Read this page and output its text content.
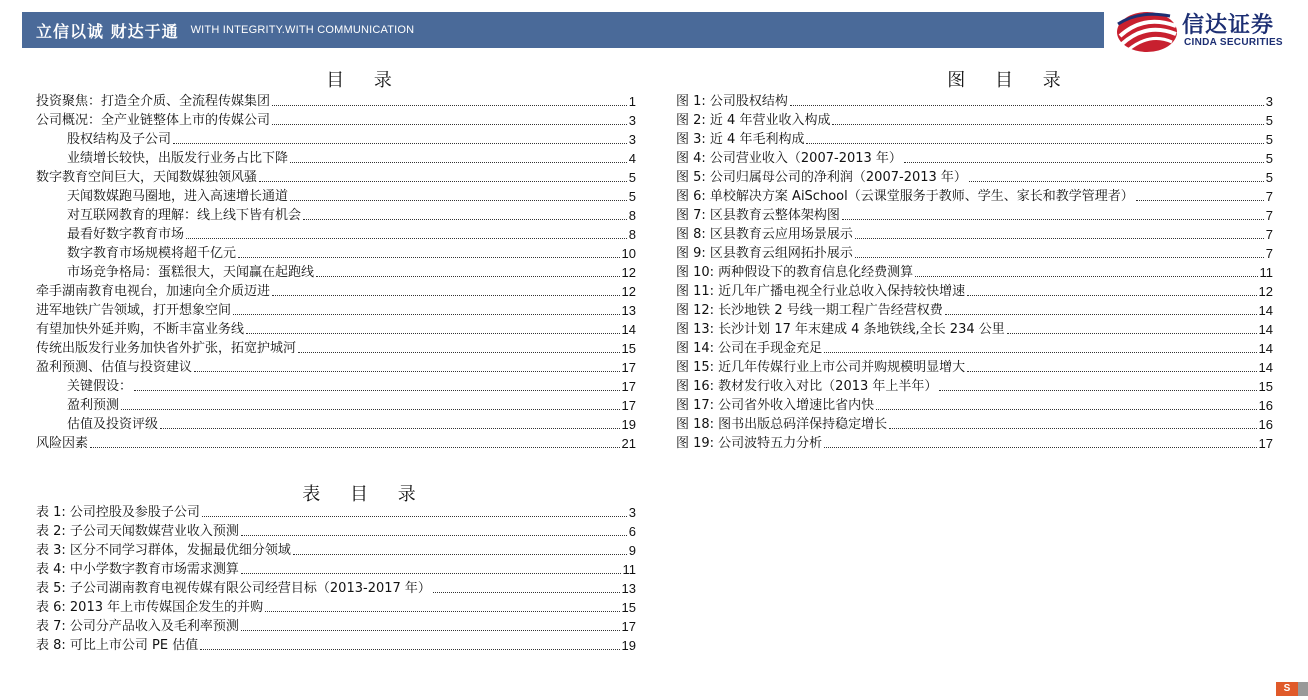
立信以诚 财达于通 WITH INTEGRITY.WITH COMMUNICATION	信达证券
CINDA SECURITIES
目 录
投资聚焦：打造全介质、全流程传媒集团	1
公司概况：全产业链整体上市的传媒公司	3
股权结构及子公司	3
业绩增长较快，出版发行业务占比下降	4
数字教育空间巨大，天闻数媒独领风骚	5
天闻数媒跑马圈地，进入高速增长通道	5
对互联网教育的理解：线上线下皆有机会	8
最看好数字教育市场	8
数字教育市场规模将超千亿元	10
市场竞争格局：蛋糕很大，天闻赢在起跑线	12
牵手湖南教育电视台，加速向全介质迈进	12
进军地铁广告领域，打开想象空间	13
有望加快外延并购，不断丰富业务线	14
传统出版发行业务加快省外扩张，拓宽护城河	15
盈利预测、估值与投资建议	17
关键假设：	17
盈利预测	17
估值及投资评级	19
风险因素	21
图 目 录
图 1: 公司股权结构	3
图 2: 近 4 年营业收入构成	5
图 3: 近 4 年毛利构成	5
图 4: 公司营业收入（2007-2013 年）	5
图 5: 公司归属母公司的净利润（2007-2013 年）	5
图 6: 单校解决方案 AiSchool（云课堂服务于教师、学生、家长和教学管理者）	7
图 7: 区县教育云整体架构图	7
图 8: 区县教育云应用场景展示	7
图 9: 区县教育云组网拓扑展示	7
图 10: 两种假设下的教育信息化经费测算	11
图 11: 近几年广播电视全行业总收入保持较快增速	12
图 12: 长沙地铁 2 号线一期工程广告经营权费	14
图 13: 长沙计划 17 年末建成 4 条地铁线,全长 234 公里	14
图 14: 公司在手现金充足	14
图 15: 近几年传媒行业上市公司并购规模明显增大	14
图 16: 教材发行收入对比（2013 年上半年）	15
图 17: 公司省外收入增速比省内快	16
图 18: 图书出版总码洋保持稳定增长	16
图 19: 公司波特五力分析	17
表 目 录
表 1: 公司控股及参股子公司	3
表 2: 子公司天闻数媒营业收入预测	6
表 3: 区分不同学习群体，发掘最优细分领域	9
表 4: 中小学数字教育市场需求测算	11
表 5: 子公司湖南教育电视传媒有限公司经营目标（2013-2017 年）	13
表 6: 2013 年上市传媒国企发生的并购	15
表 7: 公司分产品收入及毛利率预测	17
表 8: 可比上市公司 PE 估值	19
S
